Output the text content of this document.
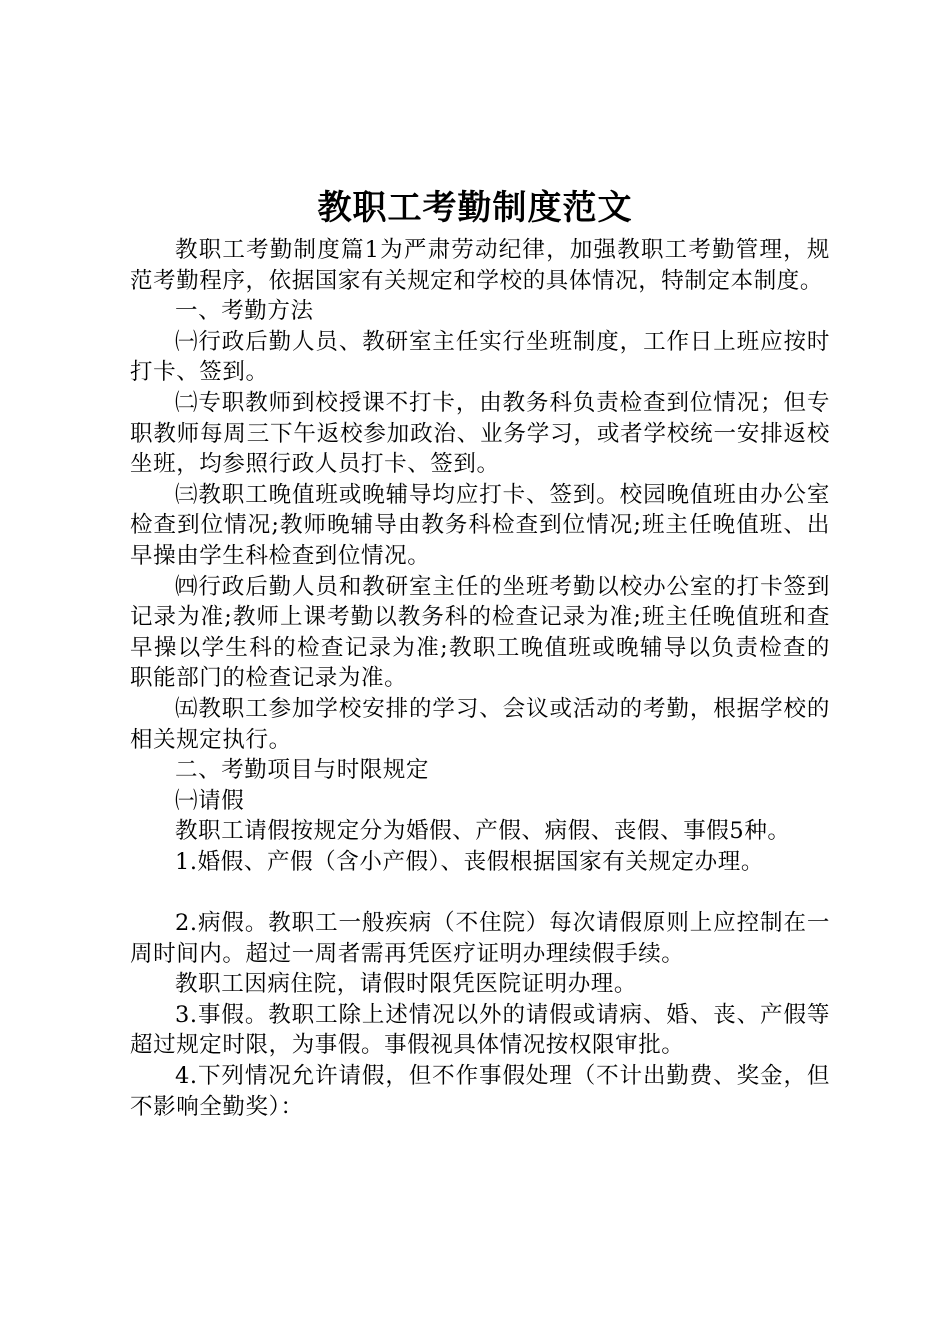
教职工考勤制度范文

教职工考勤制度篇1为严肃劳动纪律，加强教职工考勤管理，规范考勤程序，依据国家有关规定和学校的具体情况，特制定本制度。

一、考勤方法

㈠行政后勤人员、教研室主任实行坐班制度，工作日上班应按时打卡、签到。

㈡专职教师到校授课不打卡，由教务科负责检查到位情况；但专职教师每周三下午返校参加政治、业务学习，或者学校统一安排返校坐班，均参照行政人员打卡、签到。

㈢教职工晚值班或晚辅导均应打卡、签到。校园晚值班由办公室检查到位情况;教师晚辅导由教务科检查到位情况;班主任晚值班、出早操由学生科检查到位情况。

㈣行政后勤人员和教研室主任的坐班考勤以校办公室的打卡签到记录为准;教师上课考勤以教务科的检查记录为准;班主任晚值班和查早操以学生科的检查记录为准;教职工晚值班或晚辅导以负责检查的职能部门的检查记录为准。

㈤教职工参加学校安排的学习、会议或活动的考勤，根据学校的相关规定执行。

二、考勤项目与时限规定

㈠请假

教职工请假按规定分为婚假、产假、病假、丧假、事假5种。

1.婚假、产假（含小产假）、丧假根据国家有关规定办理。

2.病假。教职工一般疾病（不住院）每次请假原则上应控制在一周时间内。超过一周者需再凭医疗证明办理续假手续。

教职工因病住院，请假时限凭医院证明办理。

3.事假。教职工除上述情况以外的请假或请病、婚、丧、产假等超过规定时限，为事假。事假视具体情况按权限审批。

4.下列情况允许请假，但不作事假处理（不计出勤费、奖金，但不影响全勤奖）：
